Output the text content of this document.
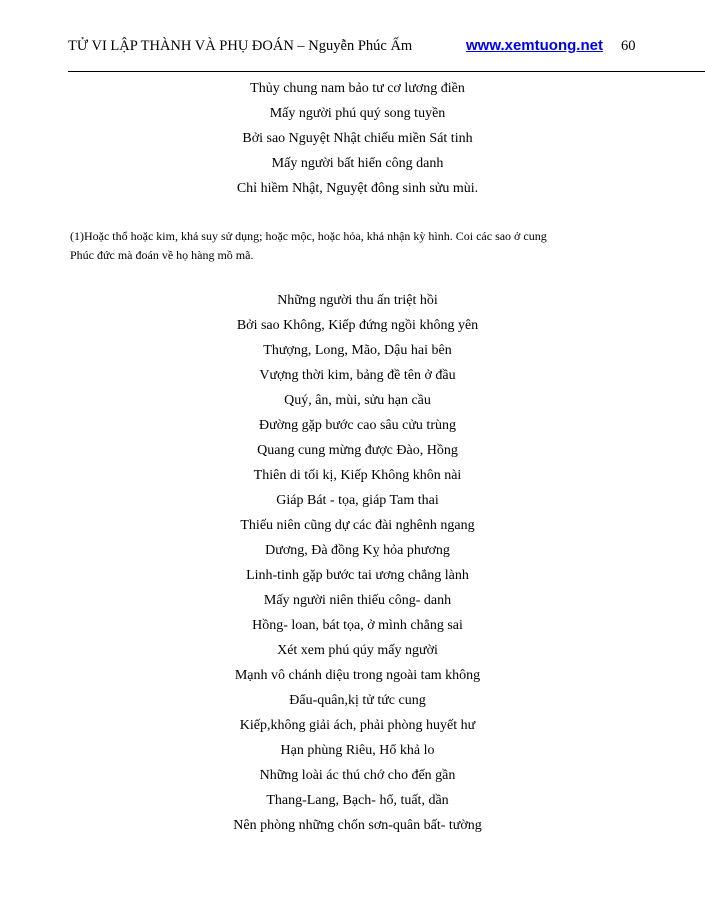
TỬ VI LẬP THÀNH VÀ PHỤ ĐOÁN – Nguyễn Phúc Ấm	www.xemtuong.net 60
Thủy chung nam bảo tư cơ lương điền
Mấy người phú quý song tuyền
Bởi sao Nguyệt Nhật chiếu miền Sát tinh
Mấy người bất hiển công danh
Chỉ hiềm Nhật, Nguyệt đông sinh sửu mùi.

(1)Hoặc thổ hoặc kim, khả suy sử dụng; hoặc mộc, hoặc hỏa, khả nhận kỳ hình. Coi các sao ở cung

Phúc đức mà đoán về họ hàng mồ mã.

Những người thu ấn triệt hồi
Bởi sao Không, Kiếp đứng ngồi không yên
Thượng, Long, Mão, Dậu hai bên
Vượng thời kim, bảng đề tên ở đầu
Quý, ân, mùi, sửu hạn cầu
Đường gặp bước cao sâu cửu trùng
Quang cung mừng được Đào, Hồng
Thiên di tối kị, Kiếp Không khôn nài
Giáp Bát - tọa, giáp Tam thai
Thiếu niên cũng dự các đài nghênh ngang
Dương, Đà đồng Kỵ hỏa phương
Linh-tinh gặp bước tai ương chẳng lành
Mấy người niên thiếu công- danh
Hồng- loan, bát tọa, ở mình chẳng sai
Xét xem phú qúy mấy người
Mạnh vô chánh diệu trong ngoài tam không
Đẩu-quân,kị tử tức cung
Kiếp,không giải ách, phải phòng huyết hư
Hạn phùng Riêu, Hổ khả lo
Những loài ác thú chớ cho đến gần
Thang-Lang, Bạch- hổ, tuất, dần
Nên phòng những chốn sơn-quân bất- tường
